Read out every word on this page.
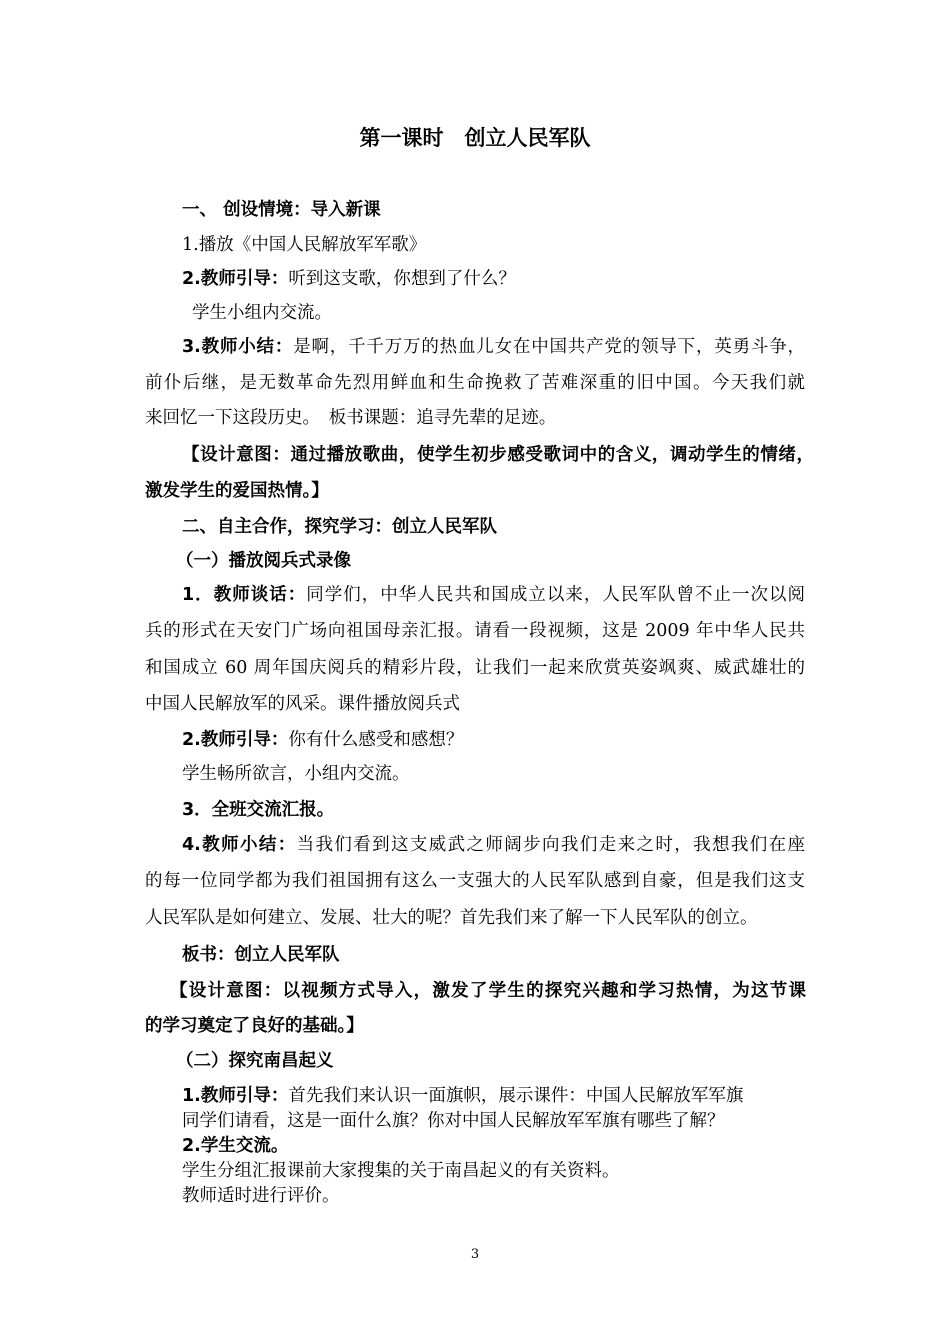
第一课时　创立人民军队
一、 创设情境：导入新课
1.播放《中国人民解放军军歌》
2.教师引导：听到这支歌，你想到了什么？
学生小组内交流。
3.教师小结：是啊，千千万万的热血儿女在中国共产党的领导下，英勇斗争，
前仆后继，是无数革命先烈用鲜血和生命挽救了苦难深重的旧中国。今天我们就
来回忆一下这段历史。　板书课题：追寻先辈的足迹。
【设计意图：通过播放歌曲，使学生初步感受歌词中的含义，调动学生的情绪，
激发学生的爱国热情。】
二、自主合作，探究学习：创立人民军队
（一）播放阅兵式录像
1．教师谈话：同学们，中华人民共和国成立以来，人民军队曾不止一次以阅
兵的形式在天安门广场向祖国母亲汇报。请看一段视频，这是 2009 年中华人民共
和国成立 60 周年国庆阅兵的精彩片段，让我们一起来欣赏英姿飒爽、威武雄壮的
中国人民解放军的风采。课件播放阅兵式
2.教师引导：你有什么感受和感想？
学生畅所欲言，小组内交流。
3．全班交流汇报。
4.教师小结：当我们看到这支威武之师阔步向我们走来之时，我想我们在座
的每一位同学都为我们祖国拥有这么一支强大的人民军队感到自豪，但是我们这支
人民军队是如何建立、发展、壮大的呢？首先我们来了解一下人民军队的创立。
板书：创立人民军队
【设计意图：以视频方式导入，激发了学生的探究兴趣和学习热情，为这节课
的学习奠定了良好的基础。】
（二）探究南昌起义
1.教师引导：首先我们来认识一面旗帜，展示课件：中国人民解放军军旗
同学们请看，这是一面什么旗？你对中国人民解放军军旗有哪些了解？
2.学生交流。
学生分组汇报课前大家搜集的关于南昌起义的有关资料。
教师适时进行评价。
3
